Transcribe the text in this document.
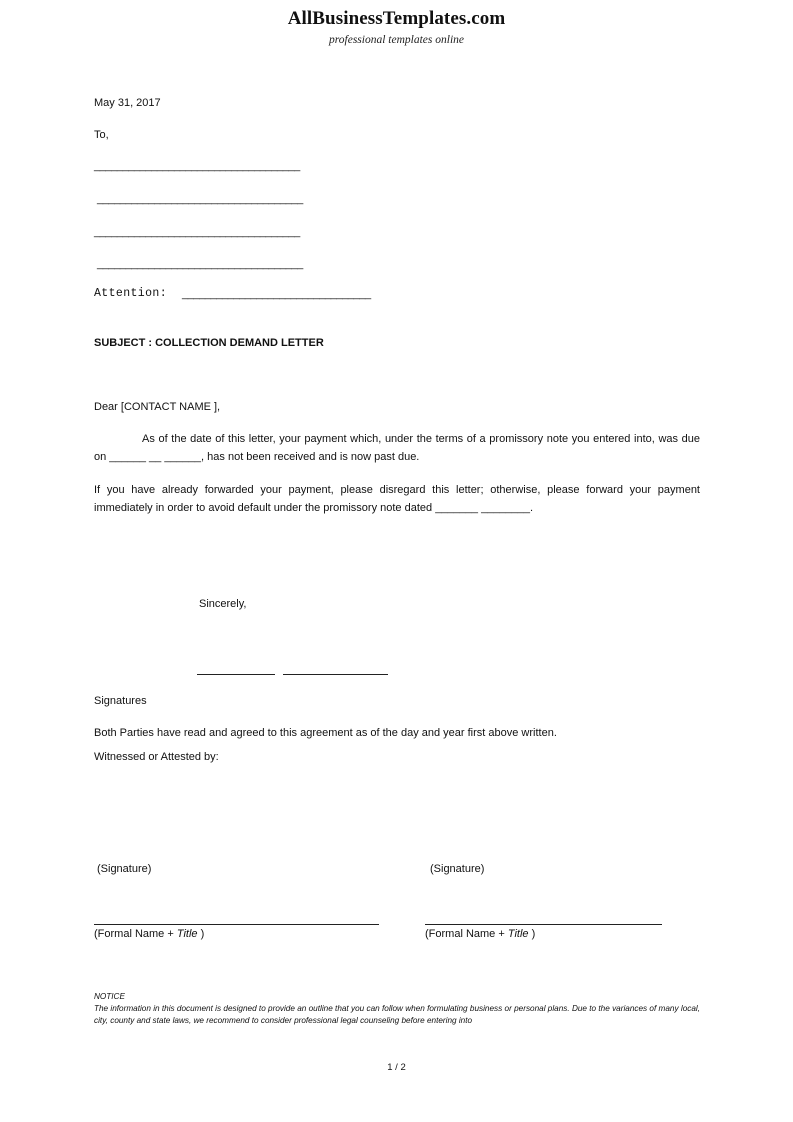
AllBusinessTemplates.com
professional templates online
May 31, 2017
To,
____________________________________
____________________________________
____________________________________
____________________________________
Attention: _________________________________
SUBJECT : COLLECTION DEMAND LETTER
Dear [CONTACT NAME ],

As of the date of this letter, your payment which, under the terms of a promissory note you entered into, was due on ______ __ ______, has not been received and is now past due.

If you have already forwarded your payment, please disregard this letter; otherwise, please forward your payment immediately in order to avoid default under the promissory note dated _______ ________.

Sincerely,
Signatures
Both Parties have read and agreed to this agreement as of the day and year first above written.
Witnessed or Attested by:
(Signature)	(Signature)
(Formal Name + Title )	(Formal Name + Title )
NOTICE
The information in this document is designed to provide an outline that you can follow when formulating business or personal plans. Due to the variances of many local, city, county and state laws, we recommend to consider professional legal counseling before entering into
1 / 2
